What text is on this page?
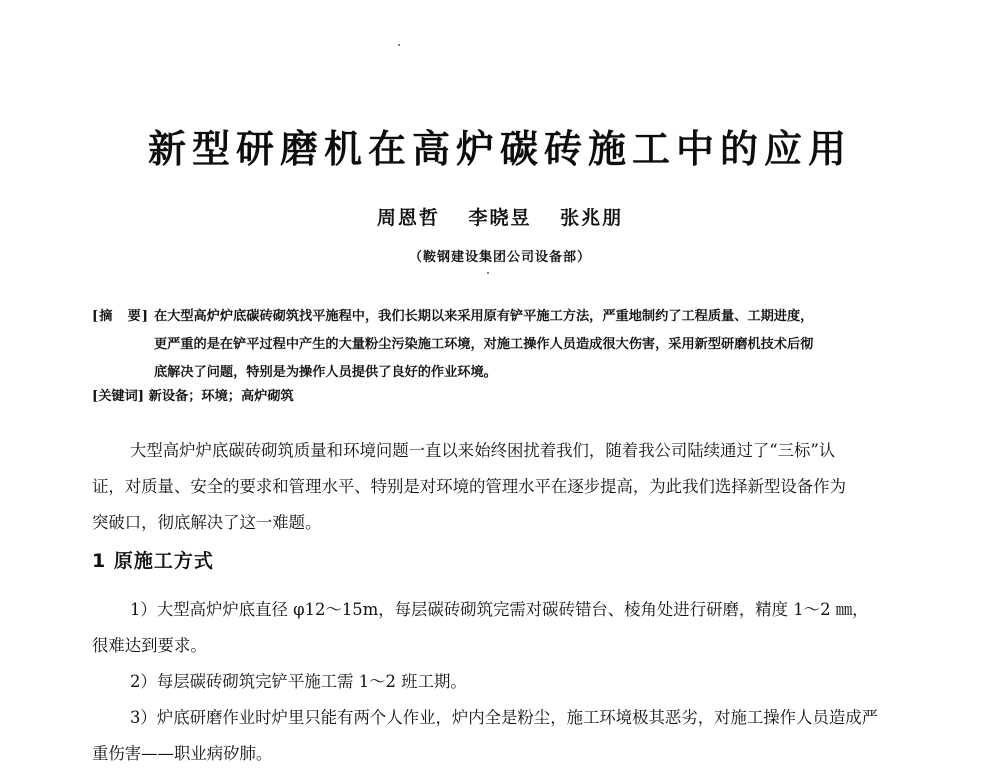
新型研磨机在高炉碳砖施工中的应用
周恩哲 李晓昱 张兆朋
（鞍钢建设集团公司设备部）
[摘　要] 在大型高炉炉底碳砖砌筑找平施程中，我们长期以来采用原有铲平施工方法，严重地制约了工程质量、工期进度，
更严重的是在铲平过程中产生的大量粉尘污染施工环境，对施工操作人员造成很大伤害，采用新型研磨机技术后彻
底解决了问题，特别是为操作人员提供了良好的作业环境。
[关键词] 新设备；环境；高炉砌筑
大型高炉炉底碳砖砌筑质量和环境问题一直以来始终困扰着我们，随着我公司陆续通过了“三标”认
证，对质量、安全的要求和管理水平、特别是对环境的管理水平在逐步提高，为此我们选择新型设备作为
突破口，彻底解决了这一难题。
1 原施工方式
1）大型高炉炉底直径 φ12～15m，每层碳砖砌筑完需对碳砖错台、棱角处进行研磨，精度 1～2 ㎜，
很难达到要求。
2）每层碳砖砌筑完铲平施工需 1～2 班工期。
3）炉底研磨作业时炉里只能有两个人作业，炉内全是粉尘，施工环境极其恶劣，对施工操作人员造成严
重伤害——职业病矽肺。
